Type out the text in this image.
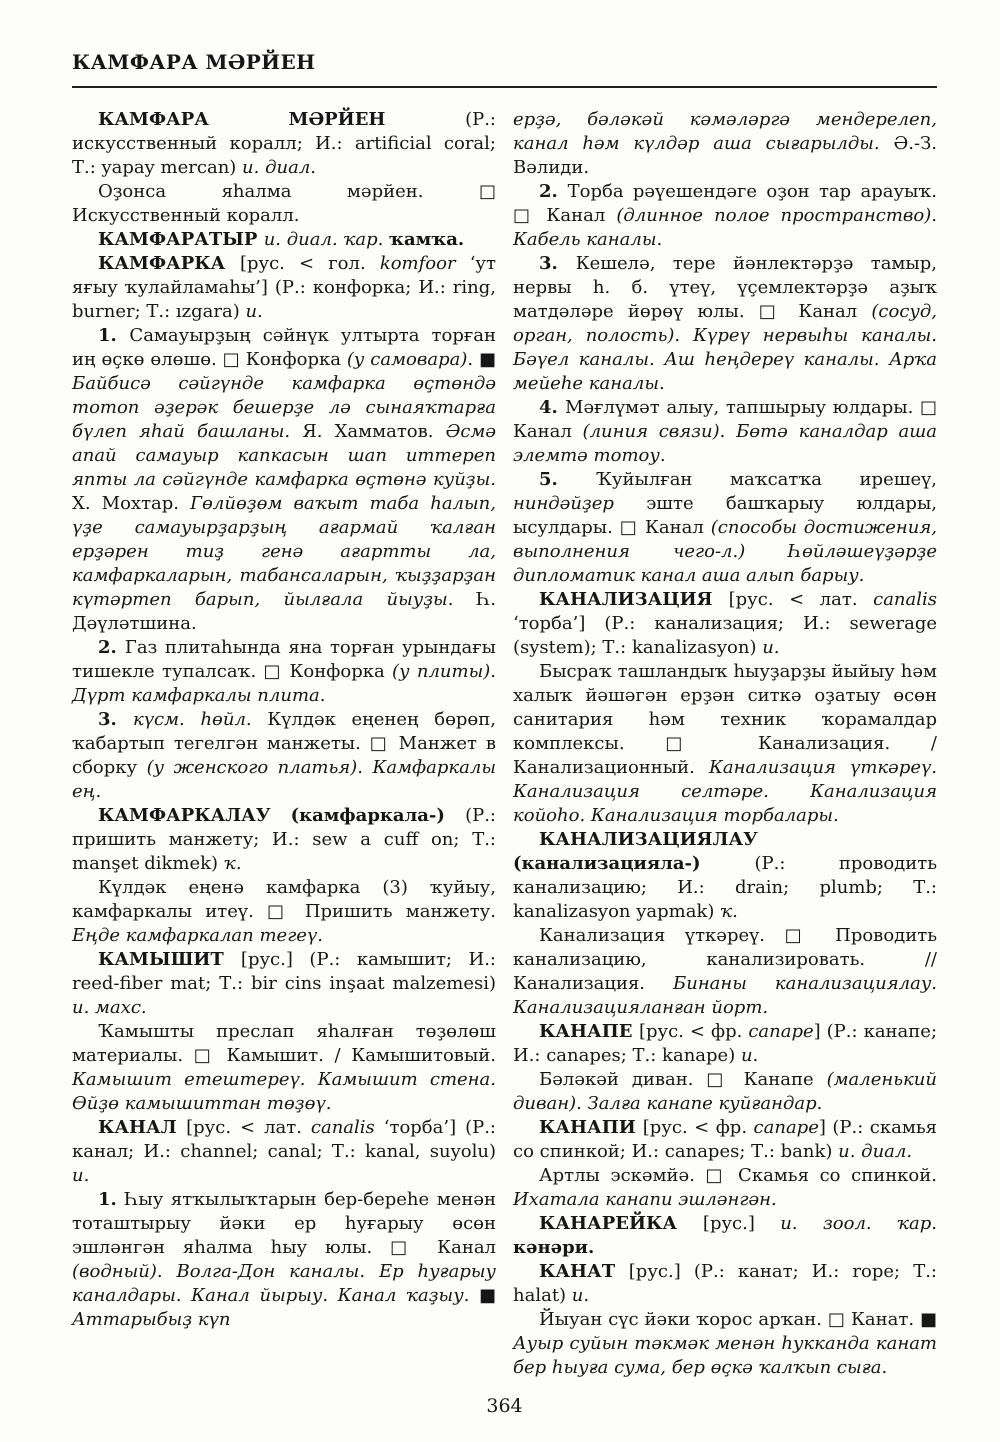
КАМФАРА МӘРЙЕН

КАМФАРА МӘРЙЕН (Р.: искусственный коралл; И.: artificial coral; Т.: yapay mercan) и. диал.

Оҙонса яһалма мәрйен. □ Искусственный коралл.

КАМФАРАТЫР и. диал. ҡар. ҡамҡа.

КАМФАРКА [рус. < гол. komfoor ‘ут яғыу ҡулайламаһы’] (Р.: конфорка; И.: ring, burner; Т.: ızgara) и.

1. Самауырҙың сәйнүк ултырта торған иң өҫкө өлөшө. □ Конфорка (у самовара). ■ Байбисә сәйгүнде камфарка өҫтөндә тотоп әҙерәк бешерҙе лә сынаяҡтарға бүлеп яһай башланы. Я. Хамматов. Әсмә апай самауыр капкасын шап иттереп япты ла сәйгүнде камфарка өҫтөнә куйҙы. Х. Мохтар. Гөлйөҙөм ваҡыт таба һалып, үҙе самауырҙарҙың ағармай ҡалған ерҙәрен тиҙ генә ағартты ла, камфаркаларын, табансаларын, ҡыҙҙарҙан күтәртеп барып, йылғала йыуҙы. Һ. Дәүләтшина.

2. Газ плитаһында яна торған урындағы тишекле тупалсаҡ. □ Конфорка (у плиты). Дүрт камфаркалы плита.

3. күсм. һөйл. Күлдәк еңенең бөрөп, ҡабартып тегелгән манжеты. □ Манжет в сборку (у женского платья). Камфаркалы ең.

КАМФАРКАЛАУ (камфаркала-) (Р.: пришить манжету; И.: sew a cuff on; Т.: manşet dikmek) ҡ.

Күлдәк еңенә камфарка (3) ҡуйыу, камфаркалы итеү. □ Пришить манжету. Еңде камфаркалап тегеү.

КАМЫШИТ [рус.] (Р.: камышит; И.: reed-fiber mat; Т.: bir cins inşaat malzemesi) и. махс.

Ҡамышты преслап яһалған төҙөлөш материалы. □ Камышит. / Камышитовый. Камышит етештереү. Камышит стена. Өйҙө камышиттан төҙөү.

КАНАЛ [рус. < лат. canalis ‘торба’] (Р.: канал; И.: channel; canal; Т.: kanal, suyolu) и.

1. Һыу ятҡылыҡтарын бер-береһе менән тоташтырыу йәки ер һуғарыу өсөн эшләнгән яһалма һыу юлы. □ Канал (водный). Волга-Дон каналы. Ер һуғарыу каналдары. Канал йырыу. Канал ҡаҙыу. ■ Аттарыбыҙ күп

ерҙә, бәләкәй кәмәләргә мендерелеп, канал һәм күлдәр аша сығарылды. Ә.-З. Вәлиди.

2. Торба рәүешендәге оҙон тар арауыҡ. □ Канал (длинное полое пространство). Кабель каналы.

3. Кешелә, тере йәнлектәрҙә тамыр, нервы һ. б. үтеү, үҫемлектәрҙә аҙыҡ матдәләре йөрөү юлы. □ Канал (сосуд, орган, полость). Күреү нервыһы каналы. Бәүел каналы. Аш һеңдереү каналы. Арҡа мейеһе каналы.

4. Мәғлүмәт алыу, тапшырыу юлдары. □ Канал (линия связи). Бөтә каналдар аша элемтә тотоу.

5. Ҡуйылған маҡсатҡа ирешеү, ниндәйҙер эште башҡарыу юлдары, ысулдары. □ Канал (способы достижения, выполнения чего-л.) Һөйләшеүҙәрҙе дипломатик канал аша алып барыу.

КАНАЛИЗАЦИЯ [рус. < лат. canalis ‘торба’] (Р.: канализация; И.: sewerage (system); Т.: kanalizasyon) и.

Бысраҡ ташландыҡ һыуҙарҙы йыйыу һәм халыҡ йәшәгән ерҙән ситкә оҙатыу өсөн санитария һәм техник ҡорамалдар комплексы. □ Канализация. / Канализационный. Канализация үткәреү. Канализация селтәре. Канализация койоһо. Канализация торбалары.

КАНАЛИЗАЦИЯЛАУ (канализацияла-) (Р.: проводить канализацию; И.: drain; plumb; Т.: kanalizasyon yapmak) ҡ.

Канализация үткәреү. □ Проводить канализацию, канализировать. // Канализация. Бинаны канализациялау. Канализацияланған йорт.

КАНАПЕ [рус. < фр. canape] (Р.: канапе; И.: canapes; Т.: kanape) и.

Бәләкәй диван. □ Канапе (маленький диван). Залға канапе куйғандар.

КАНАПИ [рус. < фр. canape] (Р.: скамья со спинкой; И.: canapes; Т.: bank) и. диал.

Артлы эскәмйә. □ Скамья со спинкой. Ихатала канапи эшләнгән.

КАНАРЕЙКА [рус.] и. зоол. ҡар. кәнәри.

КАНАТ [рус.] (Р.: канат; И.: rope; Т.: halat) и.

Йыуан сүс йәки ҡорос арҡан. □ Канат. ■ Ауыр суйын тәкмәк менән һукканда канат бер һыуға сума, бер өҫкә ҡалҡып сыға.

364
